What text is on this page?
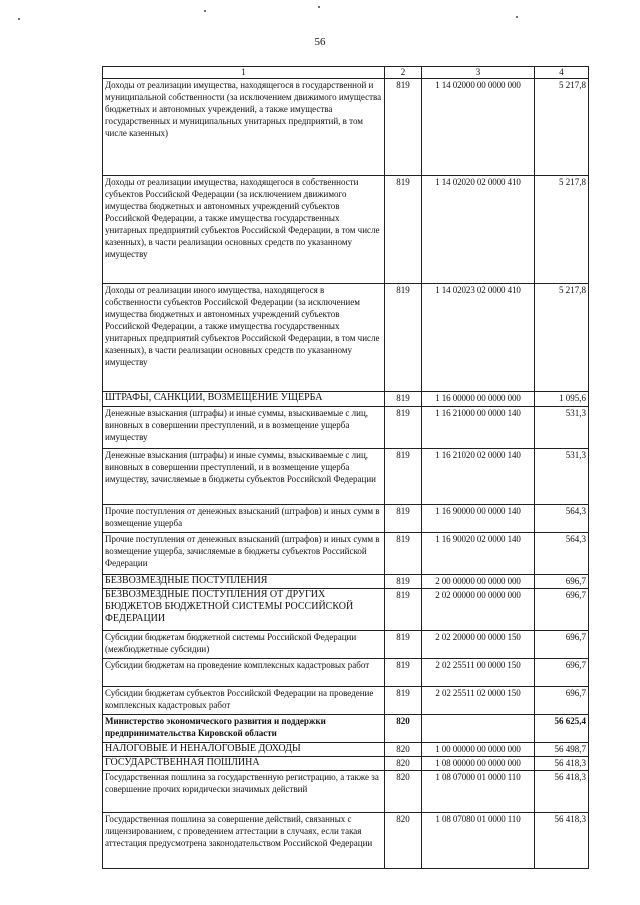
56
1	2	3	4
Доходы от реализации имущества, находящегося в государственной и муниципальной собственности (за исключением движимого имущества бюджетных и автономных учреждений, а также имущества государственных и муниципальных унитарных предприятий, в том числе казенных)	819	1 14 02000 00 0000 000	5 217,8
Доходы от реализации имущества, находящегося в собственности субъектов Российской Федерации (за исключением движимого имущества бюджетных и автономных учреждений субъектов Российской Федерации, а также имущества государственных унитарных предприятий субъектов Российской Федерации, в том числе казенных), в части реализации основных средств по указанному имуществу	819	1 14 02020 02 0000 410	5 217,8
Доходы от реализации иного имущества, находящегося в собственности субъектов Российской Федерации (за исключением имущества бюджетных и автономных учреждений субъектов Российской Федерации, а также имущества государственных унитарных предприятий субъектов Российской Федерации, в том числе казенных), в части реализации основных средств по указанному имуществу	819	1 14 02023 02 0000 410	5 217,8
ШТРАФЫ, САНКЦИИ, ВОЗМЕЩЕНИЕ УЩЕРБА	819	1 16 00000 00 0000 000	1 095,6
Денежные взыскания (штрафы) и иные суммы, взыскиваемые с лиц, виновных в совершении преступлений, и в возмещение ущерба имуществу	819	1 16 21000 00 0000 140	531,3
Денежные взыскания (штрафы) и иные суммы, взыскиваемые с лиц, виновных в совершении преступлений, и в возмещение ущерба имуществу, зачисляемые в бюджеты субъектов Российской Федерации	819	1 16 21020 02 0000 140	531,3
Прочие поступления от денежных взысканий (штрафов) и иных сумм в возмещение ущерба	819	1 16 90000 00 0000 140	564,3
Прочие поступления от денежных взысканий (штрафов) и иных сумм в возмещение ущерба, зачисляемые в бюджеты субъектов Российской Федерации	819	1 16 90020 02 0000 140	564,3
БЕЗВОЗМЕЗДНЫЕ ПОСТУПЛЕНИЯ	819	2 00 00000 00 0000 000	696,7
БЕЗВОЗМЕЗДНЫЕ ПОСТУПЛЕНИЯ ОТ ДРУГИХ БЮДЖЕТОВ БЮДЖЕТНОЙ СИСТЕМЫ РОССИЙСКОЙ ФЕДЕРАЦИИ	819	2 02 00000 00 0000 000	696,7
Субсидии бюджетам бюджетной системы Российской Федерации (межбюджетные субсидии)	819	2 02 20000 00 0000 150	696,7
Субсидии бюджетам на проведение комплексных кадастровых работ	819	2 02 25511 00 0000 150	696,7
Субсидии бюджетам субъектов Российской Федерации на проведение комплексных кадастровых работ	819	2 02 25511 02 0000 150	696,7
Министерство экономического развития и поддержки предпринимательства Кировской области	820		56 625,4
НАЛОГОВЫЕ И НЕНАЛОГОВЫЕ ДОХОДЫ	820	1 00 00000 00 0000 000	56 498,7
ГОСУДАРСТВЕННАЯ ПОШЛИНА	820	1 08 00000 00 0000 000	56 418,3
Государственная пошлина за государственную регистрацию, а также за совершение прочих юридически значимых действий	820	1 08 07000 01 0000 110	56 418,3
Государственная пошлина за совершение действий, связанных с лицензированием, с проведением аттестации в случаях, если такая аттестация предусмотрена законодательством Российской Федерации	820	1 08 07080 01 0000 110	56 418,3
